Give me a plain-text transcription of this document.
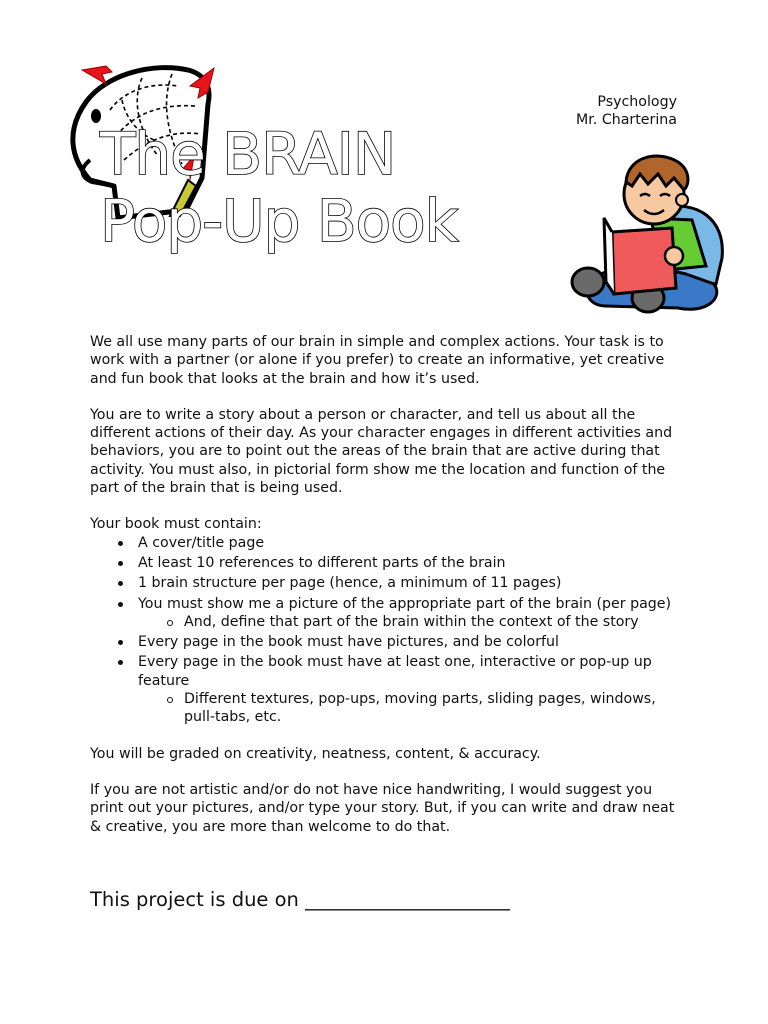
The BRAIN
Pop-Up Book
Psychology
Mr. Charterina

We all use many parts of our brain in simple and complex actions. Your task is to work with a partner (or alone if you prefer) to create an informative, yet creative and fun book that looks at the brain and how it’s used.

You are to write a story about a person or character, and tell us about all the different actions of their day. As your character engages in different activities and behaviors, you are to point out the areas of the brain that are active during that activity. You must also, in pictorial form show me the location and function of the part of the brain that is being used.

Your book must contain:

A cover/title page
At least 10 references to different parts of the brain
1 brain structure per page (hence, a minimum of 11 pages)
You must show me a picture of the appropriate part of the brain (per page)
And, define that part of the brain within the context of the story
Every page in the book must have pictures, and be colorful
Every page in the book must have at least one, interactive or pop-up up feature
Different textures, pop-ups, moving parts, sliding pages, windows, pull-tabs, etc.

You will be graded on creativity, neatness, content, & accuracy.

If you are not artistic and/or do not have nice handwriting, I would suggest you print out your pictures, and/or type your story. But, if you can write and draw neat & creative, you are more than welcome to do that.

This project is due on _____________________
